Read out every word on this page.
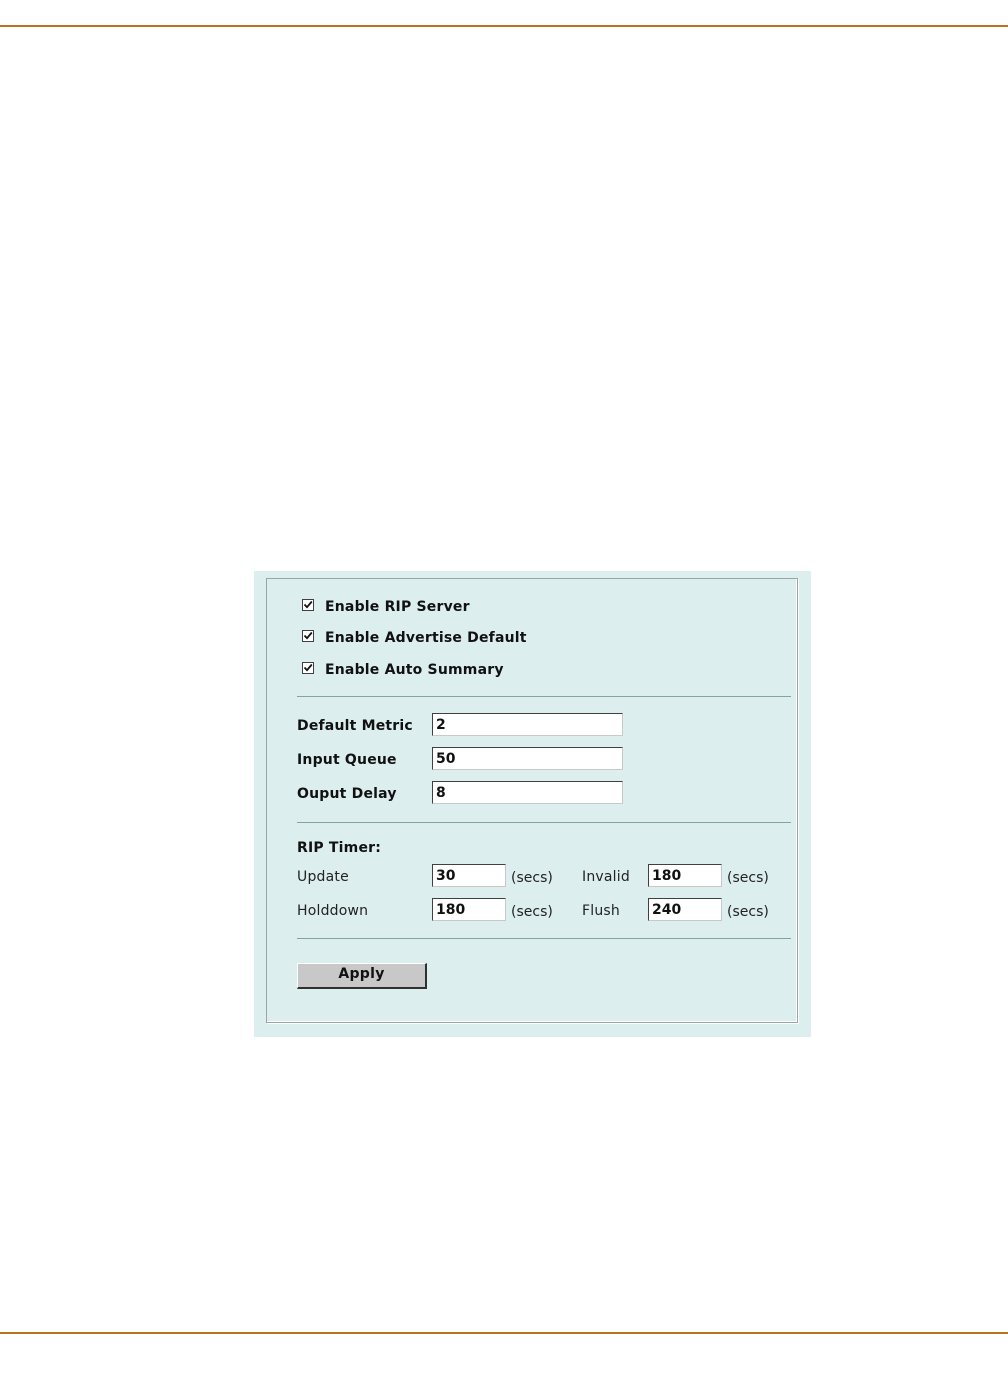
Enable RIP Server
Enable Advertise Default
Enable Auto Summary
Default Metric 2
Input Queue	50
Ouput Delay	8
RIP Timer:
Update	30	(secs) Invalid 180	(secs)
Holddown	180	(secs) Flush 240	(secs)
Apply
